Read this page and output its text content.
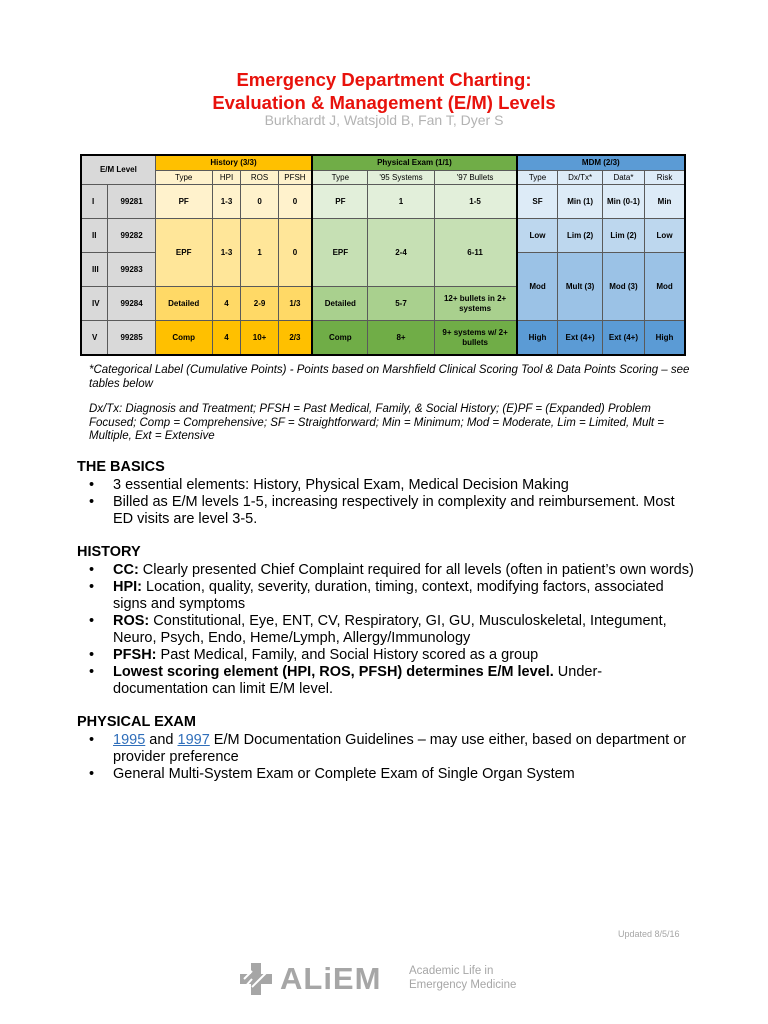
Emergency Department Charting:
Evaluation & Management (E/M) Levels
Burkhardt J, Watsjold B, Fan T, Dyer S
E/M Level		History (3/3)				Physical Exam (1/1)			MDM (2/3)			
		Type	HPI	ROS	PFSH	Type	'95 Systems	'97 Bullets	Type	Dx/Tx*	Data*	Risk
I	99281	PF	1-3	0	0	PF	1	1-5	SF	Min (1)	Min (0-1)	Min
II	99282	EPF	1-3	1	0	EPF	2-4	6-11	Low	Lim (2)	Lim (2)	Low
III	99283								Mod	Mult (3)	Mod (3)	Mod
IV	99284	Detailed	4	2-9	1/3	Detailed	5-7	12+ bullets in 2+ systems				
V	99285	Comp	4	10+	2/3	Comp	8+	9+ systems w/ 2+ bullets	High	Ext (4+)	Ext (4+)	High
*Categorical Label (Cumulative Points) - Points based on Marshfield Clinical Scoring Tool & Data Points Scoring – see tables below
Dx/Tx: Diagnosis and Treatment; PFSH = Past Medical, Family, & Social History; (E)PF = (Expanded) Problem Focused; Comp = Comprehensive; SF = Straightforward; Min = Minimum; Mod = Moderate, Lim = Limited, Mult = Multiple, Ext = Extensive
THE BASICS
• 3 essential elements: History, Physical Exam, Medical Decision Making
• Billed as E/M levels 1-5, increasing respectively in complexity and reimbursement. Most ED visits are level 3-5.
HISTORY
• CC: Clearly presented Chief Complaint required for all levels (often in patient’s own words)
• HPI: Location, quality, severity, duration, timing, context, modifying factors, associated signs and symptoms
• ROS: Constitutional, Eye, ENT, CV, Respiratory, GI, GU, Musculoskeletal, Integument, Neuro, Psych, Endo, Heme/Lymph, Allergy/Immunology
• PFSH: Past Medical, Family, and Social History scored as a group
• Lowest scoring element (HPI, ROS, PFSH) determines E/M level. Under-documentation can limit E/M level.
PHYSICAL EXAM
• 1995 and 1997 E/M Documentation Guidelines – may use either, based on department or provider preference
• General Multi-System Exam or Complete Exam of Single Organ System
Updated 8/5/16
ALiEM Academic Life in
Emergency Medicine
